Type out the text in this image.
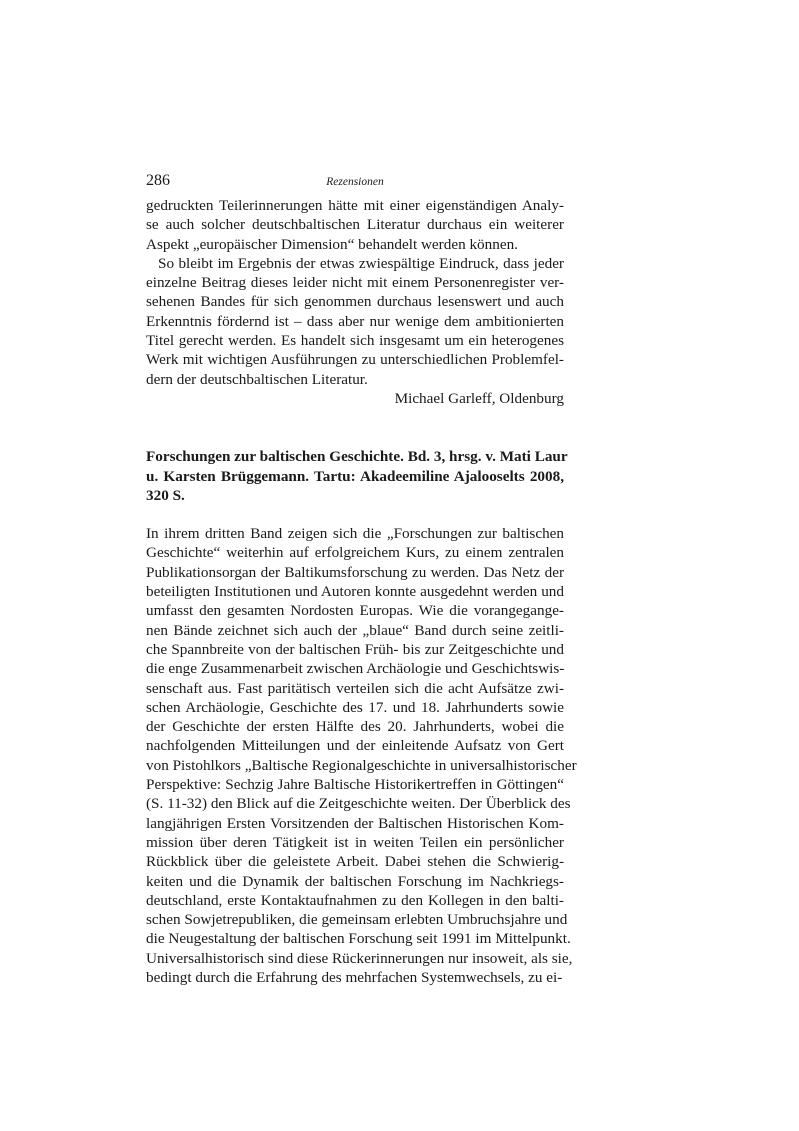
286	Rezensionen
gedruckten Teilerinnerungen hätte mit einer eigenständigen Analy-
se auch solcher deutschbaltischen Literatur durchaus ein weiterer
Aspekt „europäischer Dimension“ behandelt werden können.
So bleibt im Ergebnis der etwas zwiespältige Eindruck, dass jeder
einzelne Beitrag dieses leider nicht mit einem Personenregister ver-
sehenen Bandes für sich genommen durchaus lesenswert und auch
Erkenntnis fördernd ist – dass aber nur wenige dem ambitionierten
Titel gerecht werden. Es handelt sich insgesamt um ein heterogenes
Werk mit wichtigen Ausführungen zu unterschiedlichen Problemfel-
dern der deutschbaltischen Literatur.

Michael Garleff, Oldenburg

Forschungen zur baltischen Geschichte. Bd. 3, hrsg. v. Mati Laur
u. Karsten Brüggemann. Tartu: Akadeemiline Ajalooselts 2008,
320 S.
In ihrem dritten Band zeigen sich die „Forschungen zur baltischen
Geschichte“ weiterhin auf erfolgreichem Kurs, zu einem zentralen
Publikationsorgan der Baltikumsforschung zu werden. Das Netz der
beteiligten Institutionen und Autoren konnte ausgedehnt werden und
umfasst den gesamten Nordosten Europas. Wie die vorangegange-
nen Bände zeichnet sich auch der „blaue“ Band durch seine zeitli-
che Spannbreite von der baltischen Früh- bis zur Zeitgeschichte und
die enge Zusammenarbeit zwischen Archäologie und Geschichtswis-
senschaft aus. Fast paritätisch verteilen sich die acht Aufsätze zwi-
schen Archäologie, Geschichte des 17. und 18. Jahrhunderts sowie
der Geschichte der ersten Hälfte des 20. Jahrhunderts, wobei die
nachfolgenden Mitteilungen und der einleitende Aufsatz von Gert
von Pistohlkors „Baltische Regionalgeschichte in universalhistorischer
Perspektive: Sechzig Jahre Baltische Historikertreffen in Göttingen“
(S. 11-32) den Blick auf die Zeitgeschichte weiten. Der Überblick des
langjährigen Ersten Vorsitzenden der Baltischen Historischen Kom-
mission über deren Tätigkeit ist in weiten Teilen ein persönlicher
Rückblick über die geleistete Arbeit. Dabei stehen die Schwierig-
keiten und die Dynamik der baltischen Forschung im Nachkriegs-
deutschland, erste Kontaktaufnahmen zu den Kollegen in den balti-
schen Sowjetrepubliken, die gemeinsam erlebten Umbruchsjahre und
die Neugestaltung der baltischen Forschung seit 1991 im Mittelpunkt.
Universalhistorisch sind diese Rückerinnerungen nur insoweit, als sie,
bedingt durch die Erfahrung des mehrfachen Systemwechsels, zu ei-
